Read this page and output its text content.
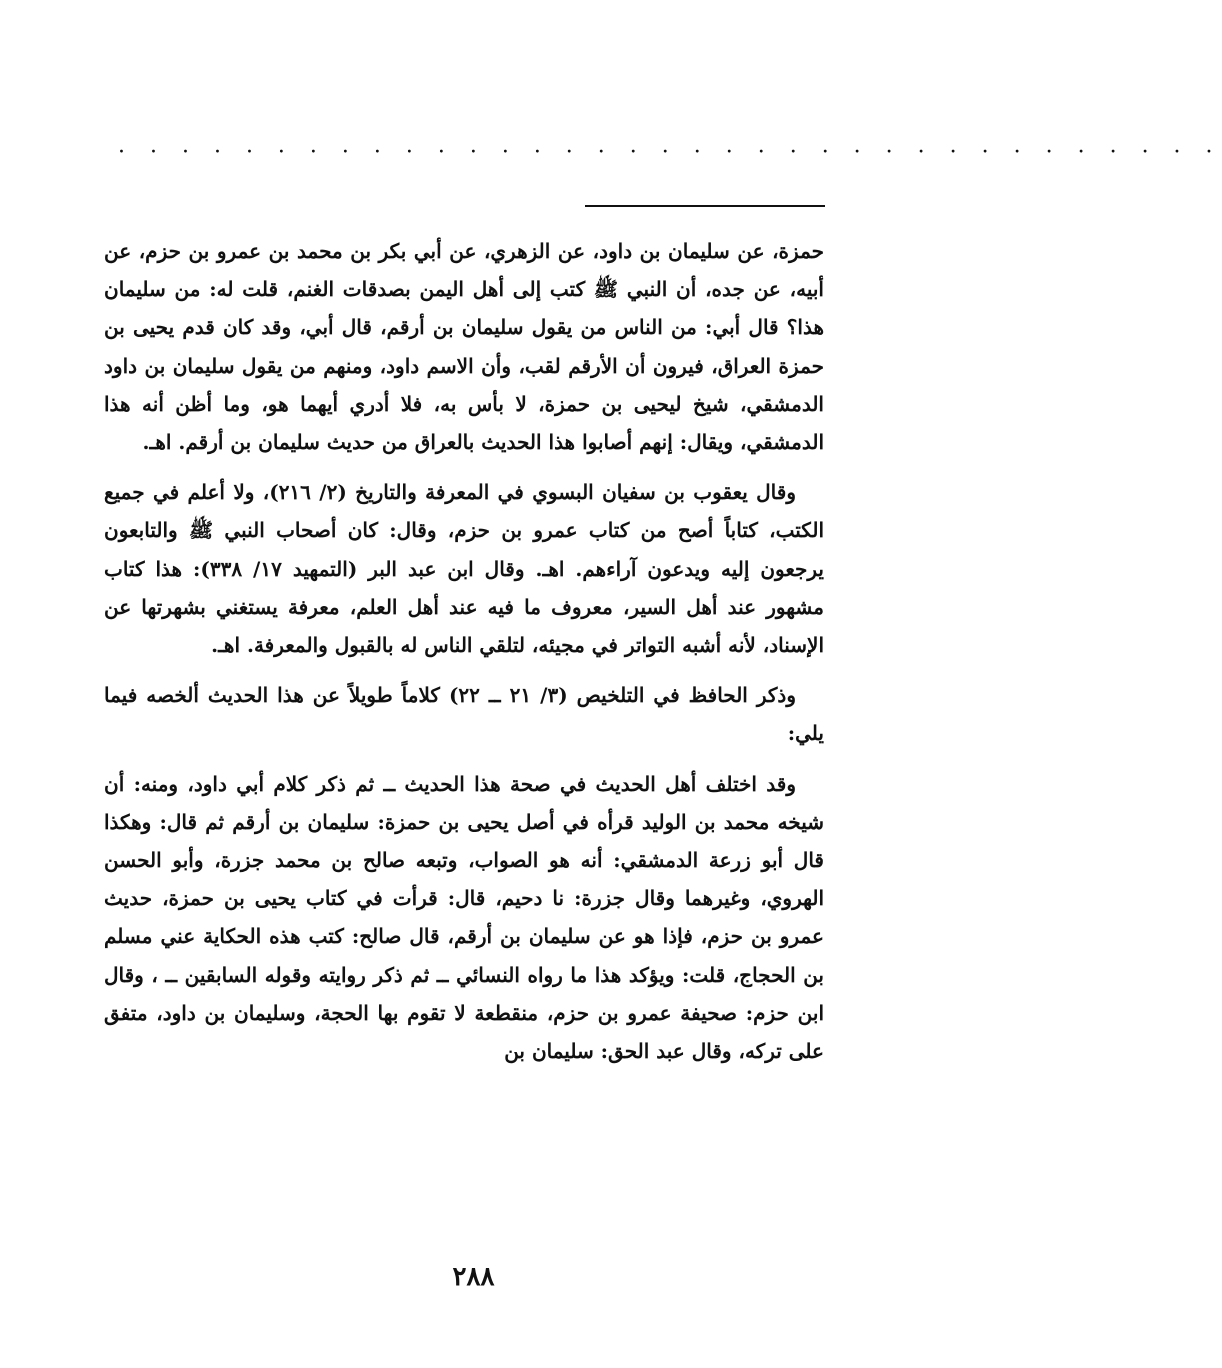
· · · · · · · · · · · · · · · · · · · · · · · · · · · · · · · · · · ·

حمزة، عن سليمان بن داود، عن الزهري، عن أبي بكر بن محمد بن عمرو بن حزم، عن أبيه، عن جده، أن النبي ﷺ كتب إلى أهل اليمن بصدقات الغنم، قلت له: من سليمان هذا؟ قال أبي: من الناس من يقول سليمان بن أرقم، قال أبي، وقد كان قدم يحيى بن حمزة العراق، فيرون أن الأرقم لقب، وأن الاسم داود، ومنهم من يقول سليمان بن داود الدمشقي، شيخ ليحيى بن حمزة، لا بأس به، فلا أدري أيهما هو، وما أظن أنه هذا الدمشقي، ويقال: إنهم أصابوا هذا الحديث بالعراق من حديث سليمان بن أرقم. اهـ.

وقال يعقوب بن سفيان البسوي في المعرفة والتاريخ (٢/ ٢١٦)، ولا أعلم في جميع الكتب، كتاباً أصح من كتاب عمرو بن حزم، وقال: كان أصحاب النبي ﷺ والتابعون يرجعون إليه ويدعون آراءهم. اهـ. وقال ابن عبد البر (التمهيد ١٧/ ٣٣٨): هذا كتاب مشهور عند أهل السير، معروف ما فيه عند أهل العلم، معرفة يستغني بشهرتها عن الإسناد، لأنه أشبه التواتر في مجيئه، لتلقي الناس له بالقبول والمعرفة. اهـ.

وذكر الحافظ في التلخيص (٣/ ٢١ ــ ٢٢) كلاماً طويلاً عن هذا الحديث ألخصه فيما يلي:

وقد اختلف أهل الحديث في صحة هذا الحديث ــ ثم ذكر كلام أبي داود، ومنه: أن شيخه محمد بن الوليد قرأه في أصل يحيى بن حمزة: سليمان بن أرقم ثم قال: وهكذا قال أبو زرعة الدمشقي: أنه هو الصواب، وتبعه صالح بن محمد جزرة، وأبو الحسن الهروي، وغيرهما وقال جزرة: نا دحيم، قال: قرأت في كتاب يحيى بن حمزة، حديث عمرو بن حزم، فإذا هو عن سليمان بن أرقم، قال صالح: كتب هذه الحكاية عني مسلم بن الحجاج، قلت: ويؤكد هذا ما رواه النسائي ــ ثم ذكر روايته وقوله السابقين ــ ، وقال ابن حزم: صحيفة عمرو بن حزم، منقطعة لا تقوم بها الحجة، وسليمان بن داود، متفق على تركه، وقال عبد الحق: سليمان بن

٢٨٨
